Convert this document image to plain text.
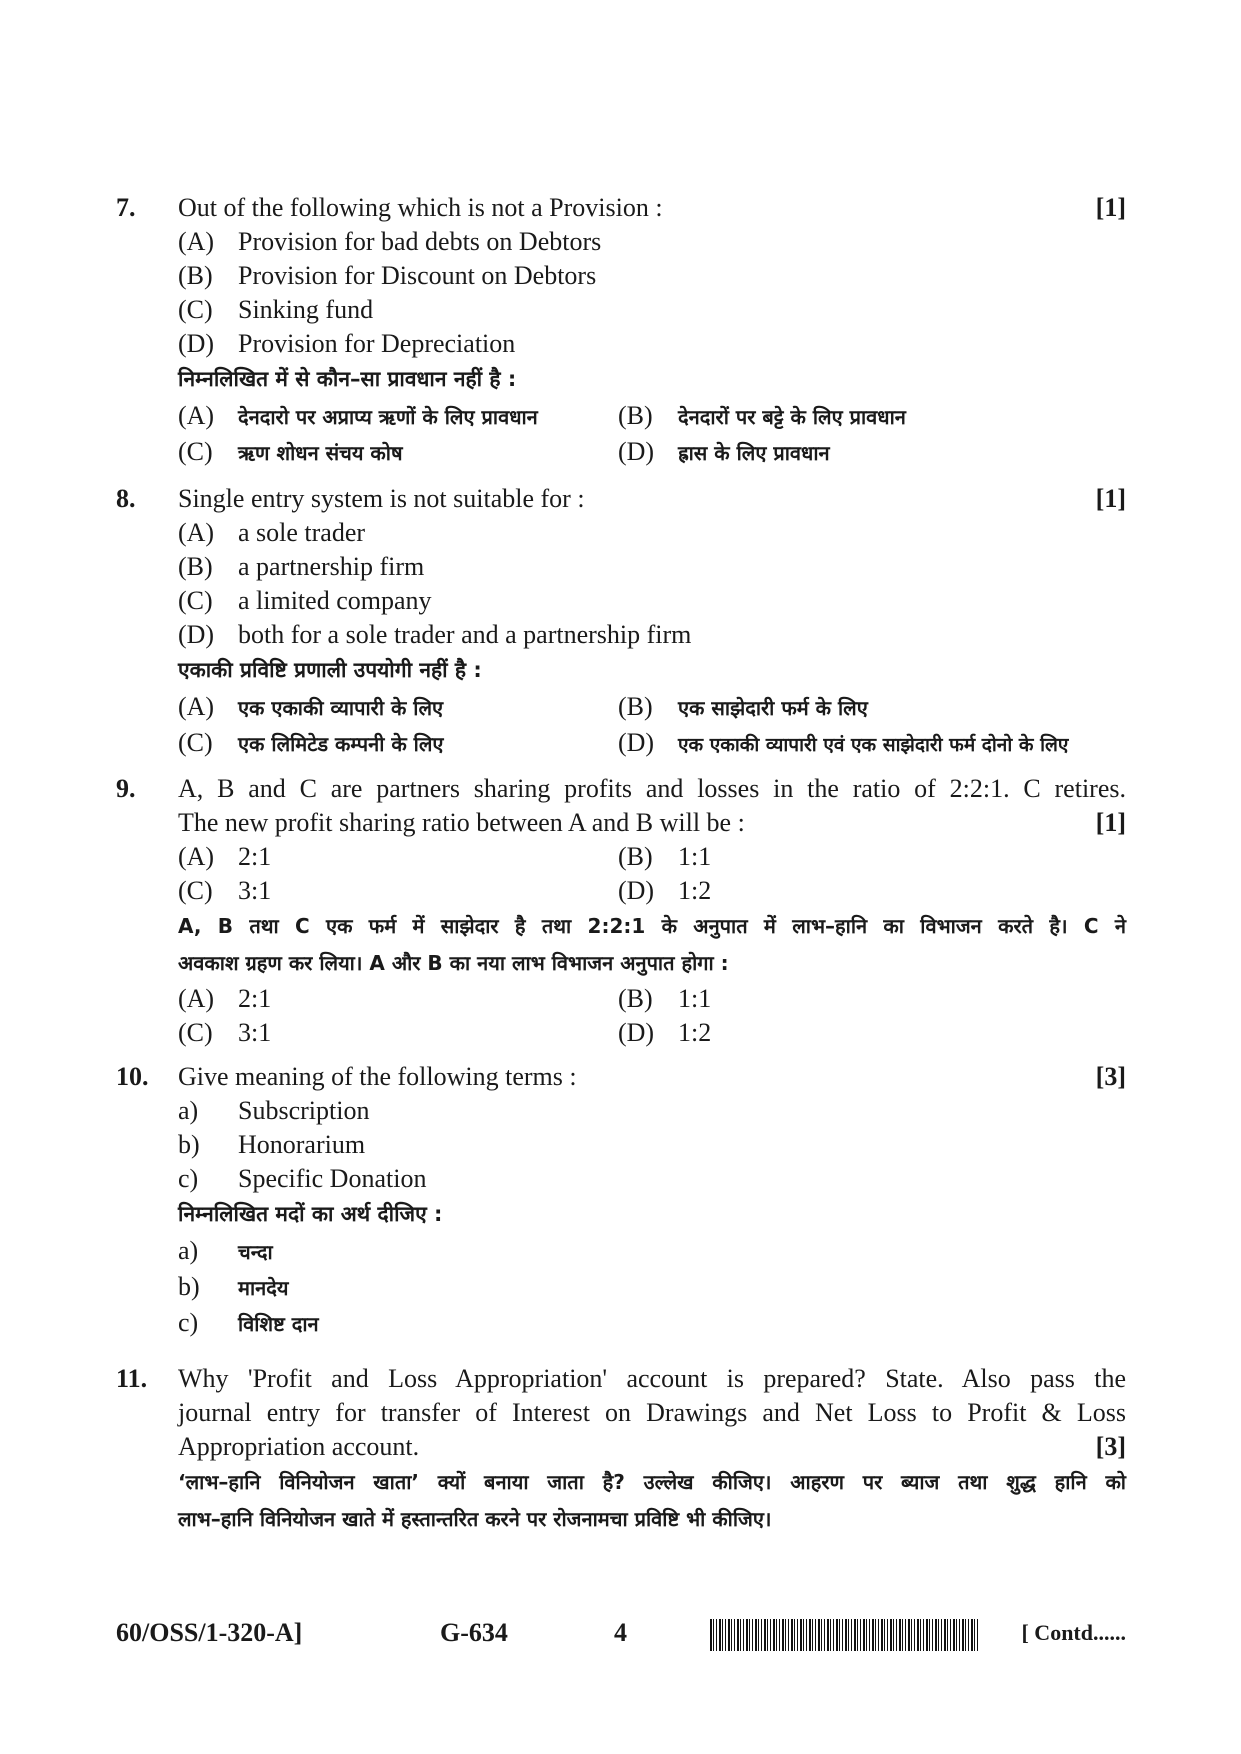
7. Out of the following which is not a Provision :	[1]
(A) Provision for bad debts on Debtors
(B) Provision for Discount on Debtors
(C) Sinking fund
(D) Provision for Depreciation
निम्नलिखित में से कौन–सा प्रावधान नहीं है :
(A) देनदारो पर अप्राप्य ऋणों के लिए प्रावधान	(B) देनदारों पर बट्टे के लिए प्रावधान
(C) ऋण शोधन संचय कोष	(D) ह्रास के लिए प्रावधान
8. Single entry system is not suitable for :	[1]
(A) a sole trader
(B) a partnership firm
(C) a limited company
(D) both for a sole trader and a partnership firm
एकाकी प्रविष्टि प्रणाली उपयोगी नहीं है :
(A) एक एकाकी व्यापारी के लिए	(B) एक साझेदारी फर्म के लिए
(C) एक लिमिटेड कम्पनी के लिए	(D) एक एकाकी व्यापारी एवं एक साझेदारी फर्म दोनो के लिए
9. A, B and C are partners sharing profits and losses in the ratio of 2:2:1. C retires.
The new profit sharing ratio between A and B will be :	[1]
(A) 2:1	(B) 1:1
(C) 3:1	(D) 1:2
A, B तथा C एक फर्म में साझेदार है तथा 2:2:1 के अनुपात में लाभ–हानि का विभाजन करते है। C ने
अवकाश ग्रहण कर लिया। A और B का नया लाभ विभाजन अनुपात होगा :
(A) 2:1	(B) 1:1
(C) 3:1	(D) 1:2
10. Give meaning of the following terms :	[3]
a) Subscription
b) Honorarium
c) Specific Donation
निम्नलिखित मदों का अर्थ दीजिए :
a) चन्दा
b) मानदेय
c) विशिष्ट दान
11. Why 'Profit and Loss Appropriation' account is prepared? State. Also pass the
journal entry for transfer of Interest on Drawings and Net Loss to Profit & Loss
Appropriation account.	[3]
‘लाभ–हानि विनियोजन खाता’ क्यों बनाया जाता है? उल्लेख कीजिए। आहरण पर ब्याज तथा शुद्ध हानि को
लाभ–हानि विनियोजन खाते में हस्तान्तरित करने पर रोजनामचा प्रविष्टि भी कीजिए।
60/OSS/1-320-A]	G-634	4	[ Contd......
